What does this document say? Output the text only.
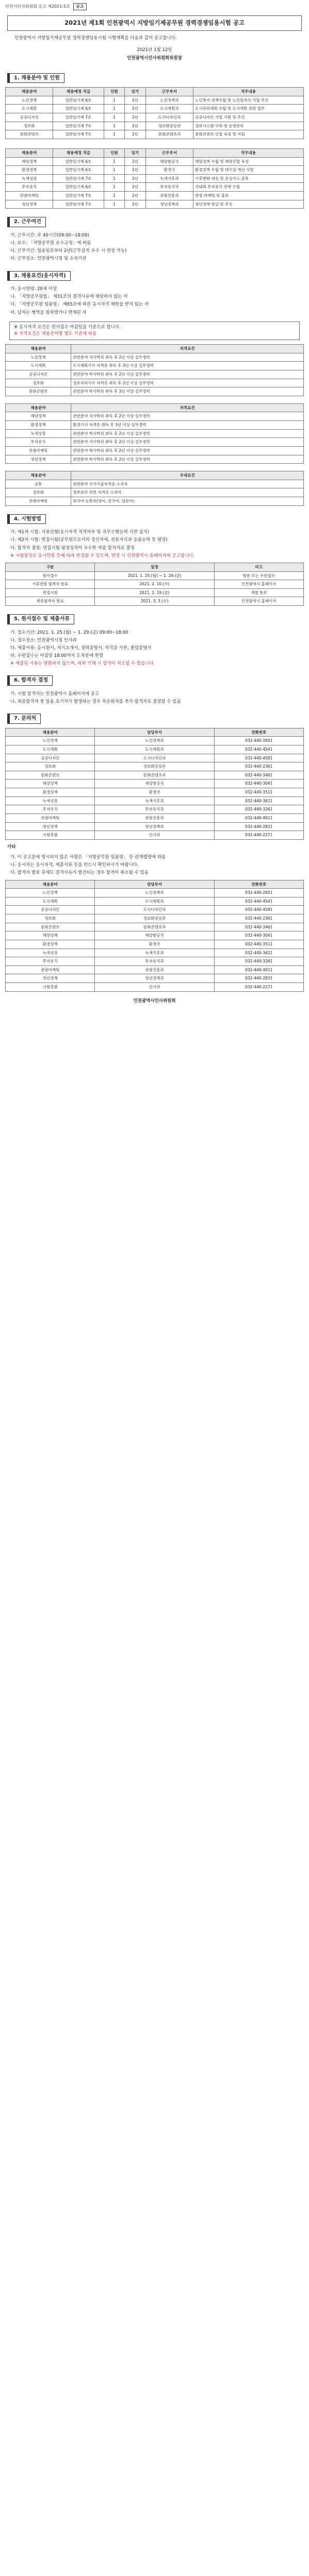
인천시인사위원회 공고 제2021-5호	공고
2021년 제1회 인천광역시 지방임기제공무원 경력경쟁임용시험 공고
인천광역시 지방임기제공무원 경력경쟁임용시험 시행계획을 다음과 같이 공고합니다.
2021년 1월 12일
인천광역시인사위원회위원장
1. 채용분야 및 인원
채용분야	채용예정 직급	인원	임기	근무부서	직무내용
노인정책	일반임기제 6호	1	2년	노인정책과	노인복지 정책수립 및 노인일자리 사업 추진
도시계획	일반임기제 6호	1	2년	도시계획과	도시관리계획 수립 및 도시계획 관련 업무
공공디자인	일반임기제 7호	1	2년	도시디자인과	공공디자인 사업 기획 및 추진
정보화	일반임기제 7호	1	2년	정보화담당관	정보시스템 구축 및 운영관리
문화콘텐츠	일반임기제 7호	1	2년	문화콘텐츠과	문화콘텐츠 산업 육성 및 지원
채용분야	채용예정 직급	인원	임기	근무부서	직무내용
해양정책	일반임기제 6호	1	2년	해양항공국	해양정책 수립 및 해양산업 육성
환경정책	일반임기제 6호	1	2년	환경국	환경정책 수립 및 대기질 개선 사업
녹색성장	일반임기제 7호	1	2년	녹색기후과	기후변화 대응 및 온실가스 감축
투자유치	일반임기제 6호	1	2년	투자유치과	국내외 투자유치 전략 수립
관광마케팅	일반임기제 7호	1	2년	관광진흥과	관광 마케팅 및 홍보
청년정책	일반임기제 7호	1	2년	청년정책과	청년정책 발굴 및 추진
2. 근무여건

가. 근무시간: 주 40시간(09:00~18:00)

나. 보수: 「지방공무원 보수규정」에 따름

다. 근무기간: 임용일로부터 2년(근무실적 우수 시 연장 가능)

라. 근무장소: 인천광역시청 및 소속기관

3. 채용요건(응시자격)

가. 응시연령: 20세 이상

나. 「지방공무원법」 제31조의 결격사유에 해당하지 않는 자

다. 「지방공무원 임용령」 제65조에 따른 응시자격 제한을 받지 않는 자

라. 남자는 병역을 필하였거나 면제된 자

※ 응시자격 요건은 원서접수 마감일을 기준으로 합니다.

※ 자격요건은 채용분야별 별도 기준에 따름

채용분야	자격요건
노인정책	관련분야 석사학위 취득 후 2년 이상 실무경력
도시계획	도시계획기사 자격증 취득 후 3년 이상 실무경력
공공디자인	관련분야 학사학위 취득 후 2년 이상 실무경력
정보화	정보처리기사 자격증 취득 후 2년 이상 실무경력
문화콘텐츠	관련분야 학사학위 취득 후 3년 이상 실무경력
채용분야	자격요건
해양정책	관련분야 석사학위 취득 후 2년 이상 실무경력
환경정책	환경기사 자격증 취득 후 3년 이상 실무경력
녹색성장	관련분야 학사학위 취득 후 2년 이상 실무경력
투자유치	관련분야 석사학위 취득 후 2년 이상 실무경력
관광마케팅	관련분야 학사학위 취득 후 2년 이상 실무경력
청년정책	관련분야 학사학위 취득 후 2년 이상 실무경력
채용분야	우대요건
공통	관련분야 국가기술자격증 소지자
정보화	정보보안 관련 자격증 소지자
관광마케팅	외국어 능통자(영어, 중국어, 일본어)
4. 시험방법

가. 제1차 시험: 서류전형(응시자격 적격여부 및 직무수행능력 서면 심사)

나. 제2차 시험: 면접시험(공무원으로서의 정신자세, 전문지식과 응용능력 등 평정)

다. 합격자 결정: 면접시험 평정성적이 우수한 자를 합격자로 결정

※ 시험일정은 응시인원 등에 따라 변경될 수 있으며, 변경 시 인천광역시 홈페이지에 공고합니다.

구분	일정	비고
원서접수	2021. 1. 25.(월) ~ 1. 29.(금)	방문 또는 우편접수
서류전형 합격자 발표	2021. 2. 10.(수)	인천광역시 홈페이지
면접시험	2021. 2. 19.(금)	개별 통보
최종합격자 발표	2021. 3. 3.(수)	인천광역시 홈페이지
5. 원서접수 및 제출서류

가. 접수기간: 2021. 1. 25.(월) ~ 1. 29.(금) 09:00~18:00

나. 접수장소: 인천광역시청 인사과

다. 제출서류: 응시원서, 자기소개서, 경력증명서, 자격증 사본, 졸업증명서

라. 우편접수는 마감일 18:00까지 도착분에 한함

※ 제출된 서류는 반환하지 않으며, 허위 기재 시 합격이 취소될 수 있습니다.

6. 합격자 결정

가. 시험 합격자는 인천광역시 홈페이지에 공고

나. 최종합격자 중 임용 포기자가 발생하는 경우 차순위자를 추가 합격자로 결정할 수 있음

7. 문의처
채용분야	담당부서	전화번호
노인정책	노인정책과	032-440-2651
도시계획	도시계획과	032-440-4541
공공디자인	도시디자인과	032-440-4581
정보화	정보화담당관	032-440-2361
문화콘텐츠	문화콘텐츠과	032-440-3461
해양정책	해양항공국	032-440-3041
환경정책	환경국	032-440-3511
녹색성장	녹색기후과	032-440-3621
투자유치	투자유치과	032-440-3261
관광마케팅	관광진흥과	032-440-4011
청년정책	청년정책과	032-440-2831
시험총괄	인사과	032-440-2271
기타

가. 이 공고문에 명시되지 않은 사항은 「지방공무원 임용령」 등 관계법령에 따름

나. 응시자는 응시자격, 제출서류 등을 반드시 확인하시기 바랍니다.

다. 합격자 발표 후에도 결격사유가 발견되는 경우 합격이 취소될 수 있음

채용분야	담당부서	전화번호
노인정책	노인정책과	032-440-2651
도시계획	도시계획과	032-440-4541
공공디자인	도시디자인과	032-440-4581
정보화	정보화담당관	032-440-2361
문화콘텐츠	문화콘텐츠과	032-440-3461
해양정책	해양항공국	032-440-3041
환경정책	환경국	032-440-3511
녹색성장	녹색기후과	032-440-3621
투자유치	투자유치과	032-440-3261
관광마케팅	관광진흥과	032-440-4011
청년정책	청년정책과	032-440-2831
시험총괄	인사과	032-440-2271
인천광역시인사위원회
